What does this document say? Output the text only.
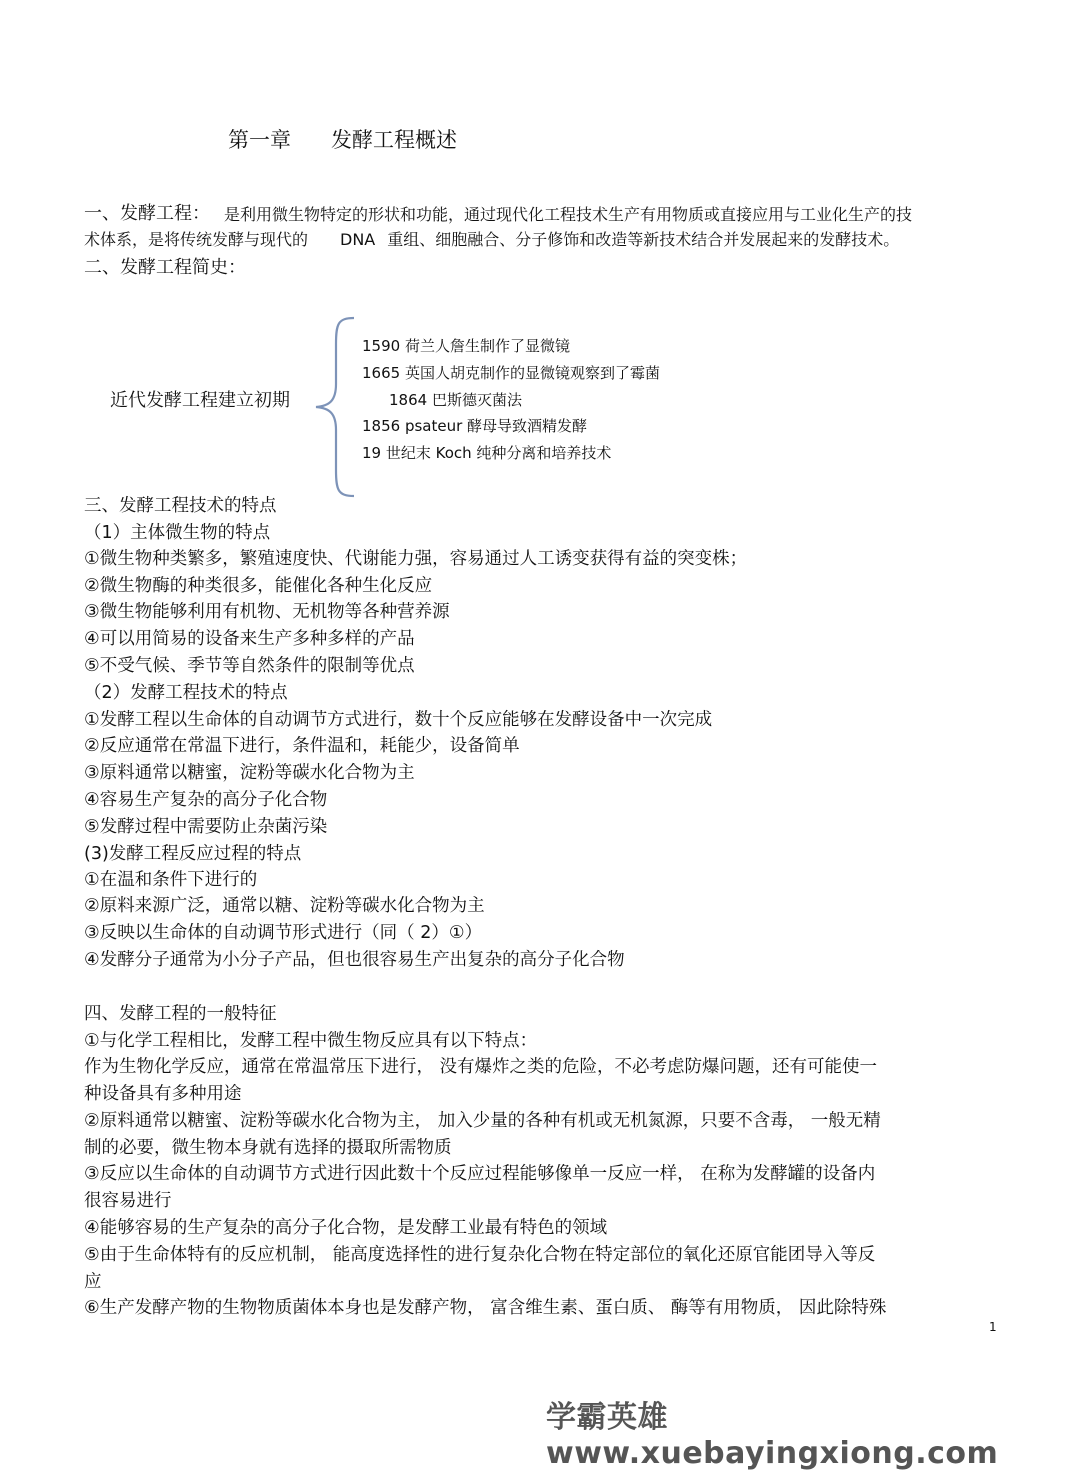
第一章 发酵工程概述
一、发酵工程： 是利用微生物特定的形状和功能，通过现代化工程技术生产有用物质或直接应用与工业化生产的技
术体系，是将传统发酵与现代的 DNA 重组、细胞融合、分子修饰和改造等新技术结合并发展起来的发酵技术。
二、发酵工程简史：
近代发酵工程建立初期
1590 荷兰人詹生制作了显微镜
1665 英国人胡克制作的显微镜观察到了霉菌
1864 巴斯德灭菌法
1856 psateur 酵母导致酒精发酵
19 世纪末 Koch 纯种分离和培养技术
三、发酵工程技术的特点
（1）主体微生物的特点
①微生物种类繁多，繁殖速度快、代谢能力强，容易通过人工诱变获得有益的突变株；
②微生物酶的种类很多，能催化各种生化反应
③微生物能够利用有机物、无机物等各种营养源
④可以用简易的设备来生产多种多样的产品
⑤不受气候、季节等自然条件的限制等优点
（2）发酵工程技术的特点
①发酵工程以生命体的自动调节方式进行，数十个反应能够在发酵设备中一次完成
②反应通常在常温下进行，条件温和，耗能少，设备简单
③原料通常以糖蜜，淀粉等碳水化合物为主
④容易生产复杂的高分子化合物
⑤发酵过程中需要防止杂菌污染
(3)发酵工程反应过程的特点
①在温和条件下进行的
②原料来源广泛，通常以糖、淀粉等碳水化合物为主
③反映以生命体的自动调节形式进行（同（ 2）①）
④发酵分子通常为小分子产品，但也很容易生产出复杂的高分子化合物
四、发酵工程的一般特征
①与化学工程相比，发酵工程中微生物反应具有以下特点：
作为生物化学反应，通常在常温常压下进行， 没有爆炸之类的危险，不必考虑防爆问题，还有可能使一
种设备具有多种用途
②原料通常以糖蜜、淀粉等碳水化合物为主， 加入少量的各种有机或无机氮源，只要不含毒， 一般无精
制的必要，微生物本身就有选择的摄取所需物质
③反应以生命体的自动调节方式进行因此数十个反应过程能够像单一反应一样， 在称为发酵罐的设备内
很容易进行
④能够容易的生产复杂的高分子化合物，是发酵工业最有特色的领域
⑤由于生命体特有的反应机制， 能高度选择性的进行复杂化合物在特定部位的氧化还原官能团导入等反
应
⑥生产发酵产物的生物物质菌体本身也是发酵产物， 富含维生素、蛋白质、 酶等有用物质， 因此除特殊
1
学霸英雄 www.xuebayingxiong.com
